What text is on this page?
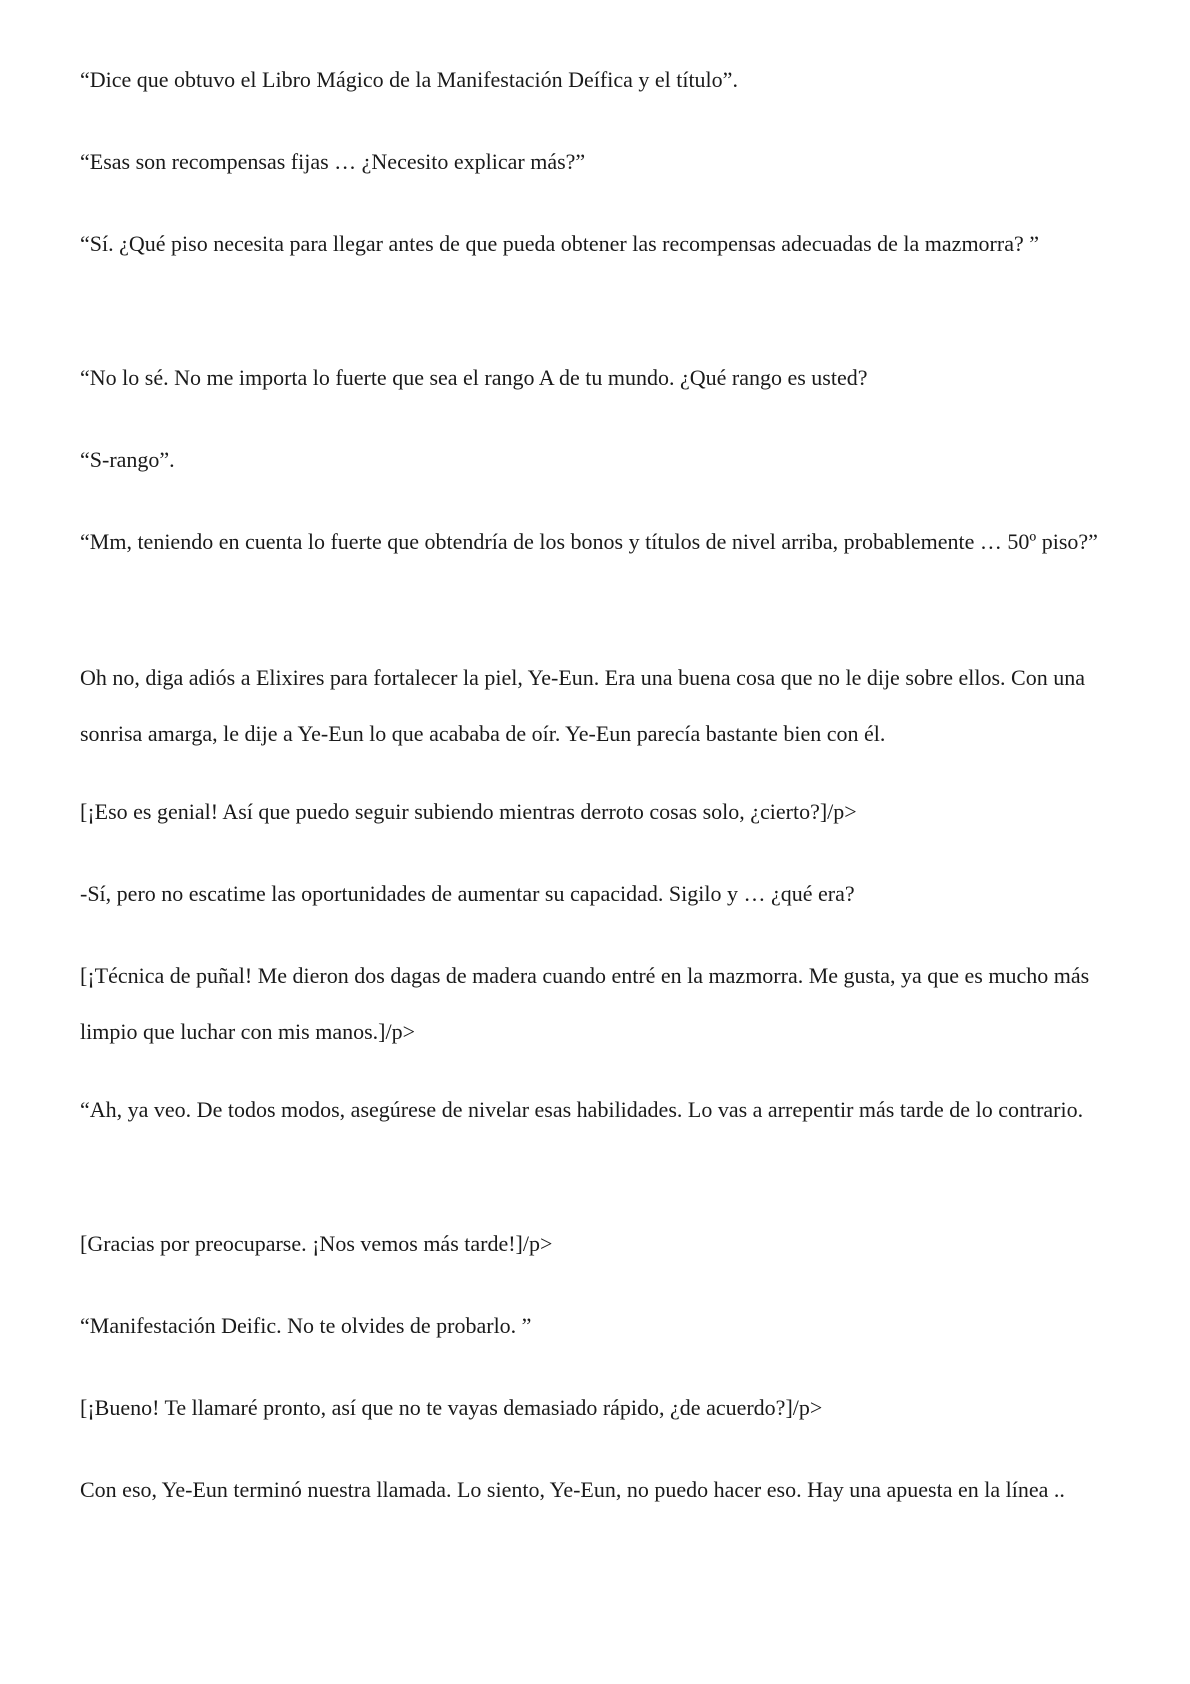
“Dice que obtuvo el Libro Mágico de la Manifestación Deífica y el título”.

“Esas son recompensas fijas … ¿Necesito explicar más?”

“Sí. ¿Qué piso necesita para llegar antes de que pueda obtener las recompensas adecuadas de la mazmorra? ”

“No lo sé. No me importa lo fuerte que sea el rango A de tu mundo. ¿Qué rango es usted?

“S-rango”.

“Mm, teniendo en cuenta lo fuerte que obtendría de los bonos y títulos de nivel arriba, probablemente … 50º piso?”

Oh no, diga adiós a Elixires para fortalecer la piel, Ye-Eun. Era una buena cosa que no le dije sobre ellos. Con una sonrisa amarga, le dije a Ye-Eun lo que acababa de oír. Ye-Eun parecía bastante bien con él.

[¡Eso es genial! Así que puedo seguir subiendo mientras derroto cosas solo, ¿cierto?]/p>

-Sí, pero no escatime las oportunidades de aumentar su capacidad. Sigilo y … ¿qué era?

[¡Técnica de puñal! Me dieron dos dagas de madera cuando entré en la mazmorra. Me gusta, ya que es mucho más limpio que luchar con mis manos.]/p>

“Ah, ya veo. De todos modos, asegúrese de nivelar esas habilidades. Lo vas a arrepentir más tarde de lo contrario.

[Gracias por preocuparse. ¡Nos vemos más tarde!]/p>

“Manifestación Deific. No te olvides de probarlo. ”

[¡Bueno! Te llamaré pronto, así que no te vayas demasiado rápido, ¿de acuerdo?]/p>

Con eso, Ye-Eun terminó nuestra llamada. Lo siento, Ye-Eun, no puedo hacer eso. Hay una apuesta en la línea ..
